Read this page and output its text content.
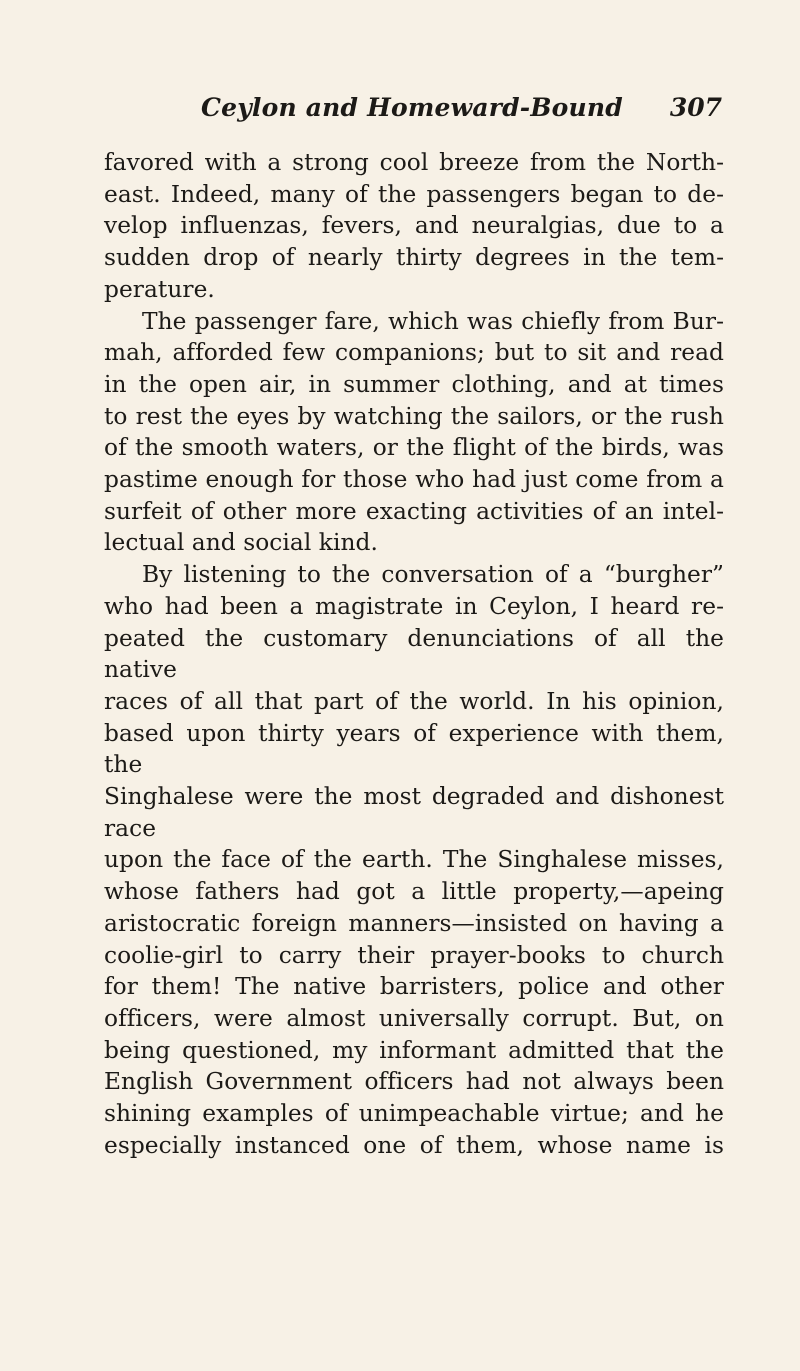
Ceylon and Homeward-Bound	307

favored with a strong cool breeze from the North-

east. Indeed, many of the passengers began to de-

velop influenzas, fevers, and neuralgias, due to a

sudden drop of nearly thirty degrees in the tem-

perature.

The passenger fare, which was chiefly from Bur-

mah, afforded few companions; but to sit and read

in the open air, in summer clothing, and at times

to rest the eyes by watching the sailors, or the rush

of the smooth waters, or the flight of the birds, was

pastime enough for those who had just come from a

surfeit of other more exacting activities of an intel-

lectual and social kind.

By listening to the conversation of a “burgher”

who had been a magistrate in Ceylon, I heard re-

peated the customary denunciations of all the native

races of all that part of the world. In his opinion,

based upon thirty years of experience with them, the

Singhalese were the most degraded and dishonest race

upon the face of the earth. The Singhalese misses,

whose fathers had got a little property,—apeing

aristocratic foreign manners—insisted on having a

coolie-girl to carry their prayer-books to church

for them! The native barristers, police and other

officers, were almost universally corrupt. But, on

being questioned, my informant admitted that the

English Government officers had not always been

shining examples of unimpeachable virtue; and he

especially instanced one of them, whose name is
